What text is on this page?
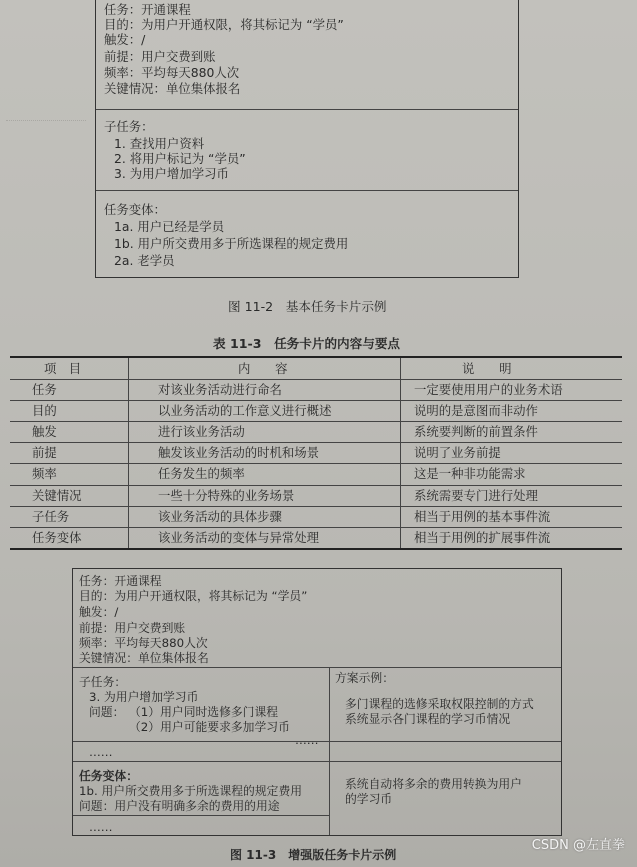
任务：开通课程
目的：为用户开通权限，将其标记为 “学员”
触发：/
前提：用户交费到账
频率：平均每天880人次
关键情况：单位集体报名
子任务：
1. 查找用户资料
2. 将用户标记为 “学员”
3. 为用户增加学习币
任务变体：
1a. 用户已经是学员
1b. 用户所交费用多于所选课程的规定费用
2a. 老学员
图 11-2　基本任务卡片示例
表 11-3　任务卡片的内容与要点
项　目	内　　容	说　　明
任务	对该业务活动进行命名	一定要使用用户的业务术语
目的	以业务活动的工作意义进行概述	说明的是意图而非动作
触发	进行该业务活动	系统要判断的前置条件
前提	触发该业务活动的时机和场景	说明了业务前提
频率	任务发生的频率	这是一种非功能需求
关键情况	一些十分特殊的业务场景	系统需要专门进行处理
子任务	该业务活动的具体步骤	相当于用例的基本事件流
任务变体	该业务活动的变体与异常处理	相当于用例的扩展事件流
任务：开通课程
目的：为用户开通权限，将其标记为 “学员”
触发：/
前提：用户交费到账
频率：平均每天880人次
关键情况：单位集体报名
子任务：
3. 为用户增加学习币
问题： （1）用户同时选修多门课程
（2）用户可能要求多加学习币
……
方案示例：
多门课程的选修采取权限控制的方式
系统显示各门课程的学习币情况
……
任务变体：
1b. 用户所交费用多于所选课程的规定费用
问题：用户没有明确多余的费用的用途
系统自动将多余的费用转换为用户
的学习币
……
图 11-3　增强版任务卡片示例
CSDN @左直拳
